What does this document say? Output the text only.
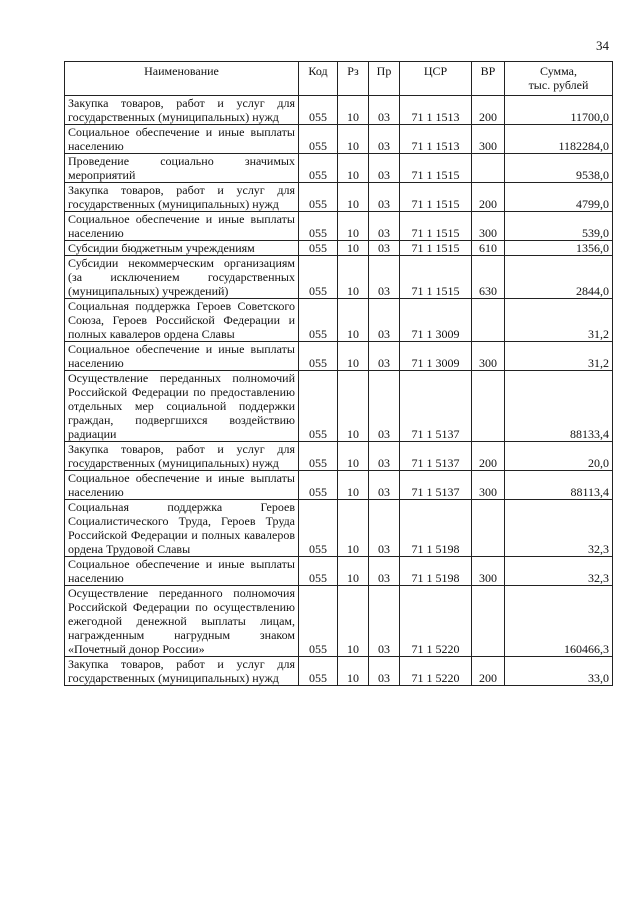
34
Наименование	Код	Рз	Пр	ЦСР	ВР	Сумма,
тыс. рублей

Закупка товаров, работ и услуг для государственных (муниципальных) нужд	055	10	03	71 1 1513	200	11700,0
Социальное обеспечение и иные выплаты населению	055	10	03	71 1 1513	300	1182284,0
Проведение социально значимых мероприятий	055	10	03	71 1 1515		9538,0
Закупка товаров, работ и услуг для государственных (муниципальных) нужд	055	10	03	71 1 1515	200	4799,0
Социальное обеспечение и иные выплаты населению	055	10	03	71 1 1515	300	539,0
Субсидии бюджетным учреждениям	055	10	03	71 1 1515	610	1356,0
Субсидии некоммерческим организациям (за исключением государственных (муниципальных) учреждений)	055	10	03	71 1 1515	630	2844,0
Социальная поддержка Героев Советского Союза, Героев Российской Федерации и полных кавалеров ордена Славы	055	10	03	71 1 3009		31,2
Социальное обеспечение и иные выплаты населению	055	10	03	71 1 3009	300	31,2
Осуществление переданных полномочий Российской Федерации по предоставлению отдельных мер социальной поддержки граждан, подвергшихся воздействию радиации	055	10	03	71 1 5137		88133,4
Закупка товаров, работ и услуг для государственных (муниципальных) нужд	055	10	03	71 1 5137	200	20,0
Социальное обеспечение и иные выплаты населению	055	10	03	71 1 5137	300	88113,4
Социальная поддержка Героев Социалистического Труда, Героев Труда Российской Федерации и полных кавалеров ордена Трудовой Славы	055	10	03	71 1 5198		32,3
Социальное обеспечение и иные выплаты населению	055	10	03	71 1 5198	300	32,3
Осуществление переданного полномочия Российской Федерации по осуществлению ежегодной денежной выплаты лицам, награжденным нагрудным знаком «Почетный донор России»	055	10	03	71 1 5220		160466,3
Закупка товаров, работ и услуг для государственных (муниципальных) нужд	055	10	03	71 1 5220	200	33,0
